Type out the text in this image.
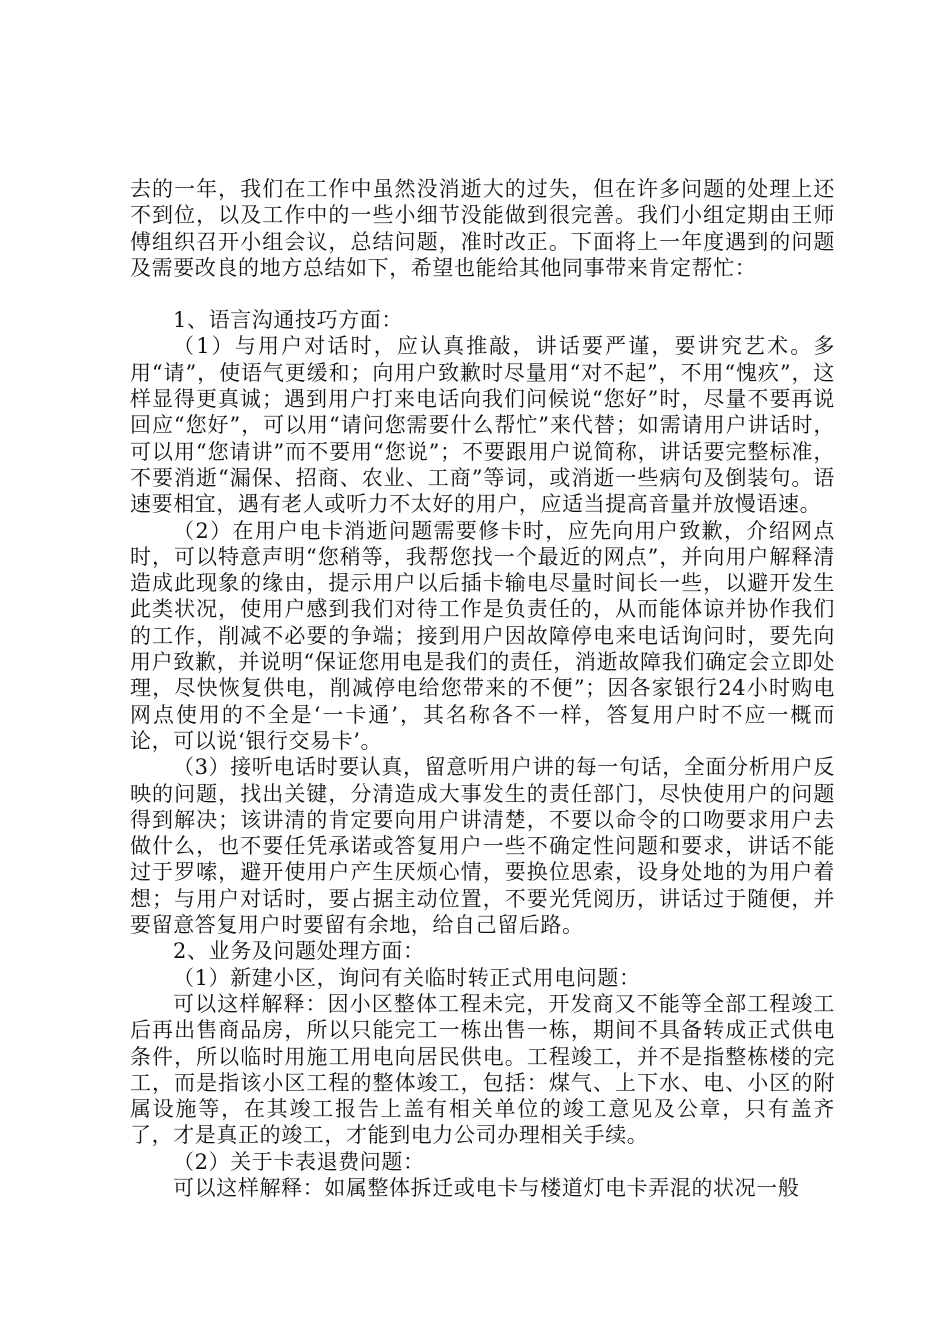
去的一年，我们在工作中虽然没消逝大的过失，但在许多问题的处理上还不到位，以及工作中的一些小细节没能做到很完善。我们小组定期由王师傅组织召开小组会议，总结问题，准时改正。下面将上一年度遇到的问题及需要改良的地方总结如下，希望也能给其他同事带来肯定帮忙：

1、语言沟通技巧方面：

（1）与用户对话时，应认真推敲，讲话要严谨，要讲究艺术。多用“请”，使语气更缓和；向用户致歉时尽量用“对不起”，不用“愧疚”，这样显得更真诚；遇到用户打来电话向我们问候说“您好”时，尽量不要再说回应“您好”，可以用“请问您需要什么帮忙”来代替；如需请用户讲话时，可以用“您请讲”而不要用“您说”；不要跟用户说简称，讲话要完整标准，不要消逝“漏保、招商、农业、工商”等词，或消逝一些病句及倒装句。语速要相宜，遇有老人或听力不太好的用户，应适当提高音量并放慢语速。

（2）在用户电卡消逝问题需要修卡时，应先向用户致歉，介绍网点时，可以特意声明“您稍等，我帮您找一个最近的网点”，并向用户解释清造成此现象的缘由，提示用户以后插卡输电尽量时间长一些，以避开发生此类状况，使用户感到我们对待工作是负责任的，从而能体谅并协作我们的工作，削减不必要的争端；接到用户因故障停电来电话询问时，要先向用户致歉，并说明“保证您用电是我们的责任，消逝故障我们确定会立即处理，尽快恢复供电，削减停电给您带来的不便”；因各家银行24小时购电网点使用的不全是‘一卡通’，其名称各不一样，答复用户时不应一概而论，可以说‘银行交易卡’。

（3）接听电话时要认真，留意听用户讲的每一句话，全面分析用户反映的问题，找出关键，分清造成大事发生的责任部门，尽快使用户的问题得到解决；该讲清的肯定要向用户讲清楚，不要以命令的口吻要求用户去做什么，也不要任凭承诺或答复用户一些不确定性问题和要求，讲话不能过于罗嗦，避开使用户产生厌烦心情，要换位思索，设身处地的为用户着想；与用户对话时，要占据主动位置，不要光凭阅历，讲话过于随便，并要留意答复用户时要留有余地，给自己留后路。

2、业务及问题处理方面：

（1）新建小区，询问有关临时转正式用电问题：

可以这样解释：因小区整体工程未完，开发商又不能等全部工程竣工后再出售商品房，所以只能完工一栋出售一栋，期间不具备转成正式供电条件，所以临时用施工用电向居民供电。工程竣工，并不是指整栋楼的完工，而是指该小区工程的整体竣工，包括：煤气、上下水、电、小区的附属设施等，在其竣工报告上盖有相关单位的竣工意见及公章，只有盖齐了，才是真正的竣工，才能到电力公司办理相关手续。

（2）关于卡表退费问题：

可以这样解释：如属整体拆迁或电卡与楼道灯电卡弄混的状况一般
